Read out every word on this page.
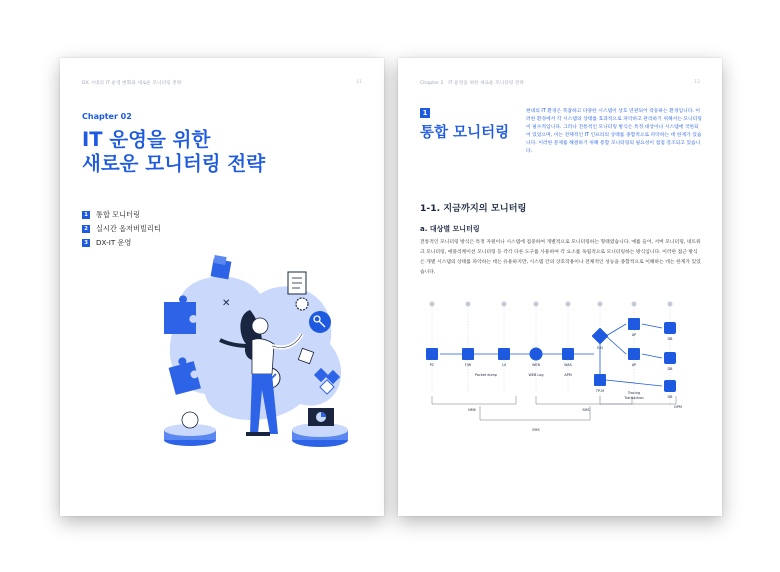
DX 시대의 IT 운영 변화와 새로운 모니터링 전략	11
Chapter 02
IT 운영을 위한
새로운 모니터링 전략
1 통합 모니터링
2 실시간 옵저버빌리티
3 DX-IT 운영
✕
Chapter 2 IT 운영을 위한 새로운 모니터링 전략	12
1
통합 모니터링
현대의 IT 환경은 복잡하고 다양한 시스템이 상호 연관되어 작동하는 환경입니다. 이러한 환경에서 각 시스템의 상태를 효과적으로 파악하고 관리하기 위해서는 모니터링이 필수적입니다. 그러나 전통적인 모니터링 방식은 특정 대상이나 시스템에 국한되어 있었으며, 이는 전체적인 IT 인프라의 상태를 종합적으로 파악하는 데 한계가 있습니다. 이러한 문제를 해결하기 위해 통합 모니터링의 필요성이 점점 강조되고 있습니다.
1-1. 지금까지의 모니터링
a. 대상별 모니터링
전통적인 모니터링 방식은 특정 자원이나 시스템에 집중하여 개별적으로 모니터링하는 형태였습니다. 예를 들어, 서버 모니터링, 네트워크 모니터링, 애플리케이션 모니터링 등 각각 다른 도구를 사용하여 각 요소를 독립적으로 모니터링하는 방식입니다. 이러한 접근 방식은 개별 시스템의 상태를 파악하는 데는 유용하지만, 시스템 간의 상호작용이나 전체적인 성능을 종합적으로 이해하는 데는 한계가 있었습니다.
PC	F/W	L4	WEB	WAS
EAI
TP-M
AP
AP
DB
DB
DB
Packet dump	WEB Log	APM
Tracing
Transaction
DPM
NMS	SMS
EMS
